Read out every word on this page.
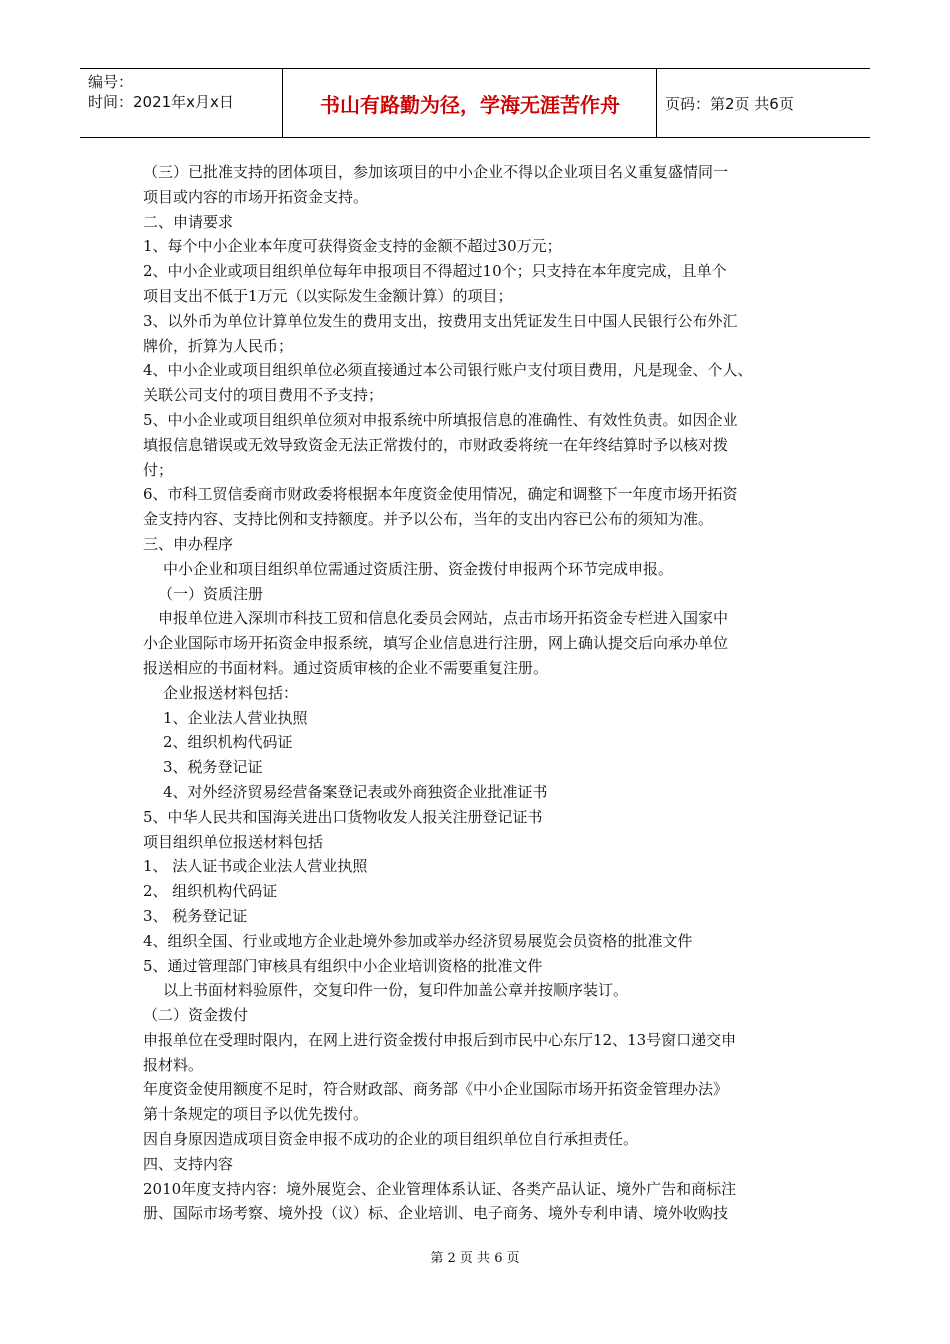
编号：
时间：2021年x月x日	书山有路勤为径，学海无涯苦作舟	页码：第2页 共6页
（三）已批准支持的团体项目，参加该项目的中小企业不得以企业项目名义重复盛情同一
项目或内容的市场开拓资金支持。
二、申请要求
1、每个中小企业本年度可获得资金支持的金额不超过30万元；
2、中小企业或项目组织单位每年申报项目不得超过10个；只支持在本年度完成，且单个
项目支出不低于1万元（以实际发生金额计算）的项目；
3、以外币为单位计算单位发生的费用支出，按费用支出凭证发生日中国人民银行公布外汇
牌价，折算为人民币；
4、中小企业或项目组织单位必须直接通过本公司银行账户支付项目费用，凡是现金、个人、
关联公司支付的项目费用不予支持；
5、中小企业或项目组织单位须对申报系统中所填报信息的准确性、有效性负责。如因企业
填报信息错误或无效导致资金无法正常拨付的，市财政委将统一在年终结算时予以核对拨
付；
6、市科工贸信委商市财政委将根据本年度资金使用情况，确定和调整下一年度市场开拓资
金支持内容、支持比例和支持额度。并予以公布，当年的支出内容已公布的须知为准。
三、申办程序
中小企业和项目组织单位需通过资质注册、资金拨付申报两个环节完成申报。
（一）资质注册
申报单位进入深圳市科技工贸和信息化委员会网站，点击市场开拓资金专栏进入国家中
小企业国际市场开拓资金申报系统，填写企业信息进行注册，网上确认提交后向承办单位
报送相应的书面材料。通过资质审核的企业不需要重复注册。
企业报送材料包括：
1、企业法人营业执照
2、组织机构代码证
3、税务登记证
4、对外经济贸易经营备案登记表或外商独资企业批准证书
5、中华人民共和国海关进出口货物收发人报关注册登记证书
项目组织单位报送材料包括
1、 法人证书或企业法人营业执照
2、 组织机构代码证
3、 税务登记证
4、组织全国、行业或地方企业赴境外参加或举办经济贸易展览会员资格的批准文件
5、通过管理部门审核具有组织中小企业培训资格的批准文件
以上书面材料验原件，交复印件一份，复印件加盖公章并按顺序装订。
（二）资金拨付
申报单位在受理时限内，在网上进行资金拨付申报后到市民中心东厅12、13号窗口递交申
报材料。
年度资金使用额度不足时，符合财政部、商务部《中小企业国际市场开拓资金管理办法》
第十条规定的项目予以优先拨付。
因自身原因造成项目资金申报不成功的企业的项目组织单位自行承担责任。
四、支持内容
2010年度支持内容：境外展览会、企业管理体系认证、各类产品认证、境外广告和商标注
册、国际市场考察、境外投（议）标、企业培训、电子商务、境外专利申请、境外收购技
第 2 页 共 6 页
